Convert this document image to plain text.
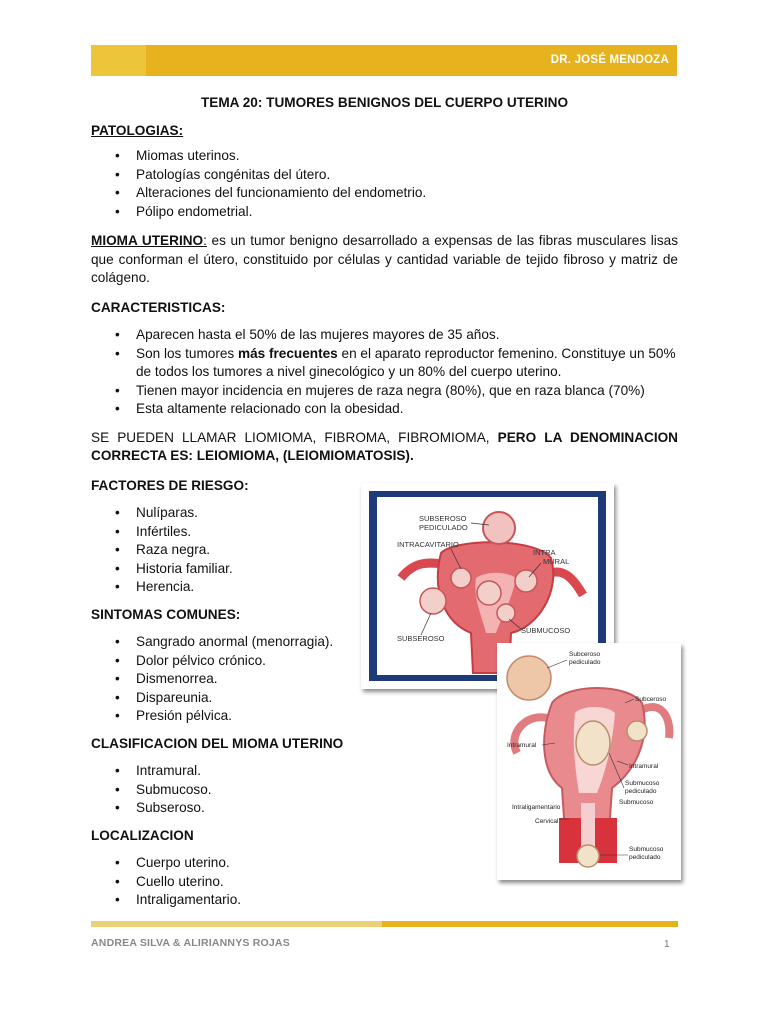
DR. JOSÉ MENDOZA

TEMA 20: TUMORES BENIGNOS DEL CUERPO UTERINO

PATOLOGIAS:

• Miomas uterinos.
• Patologías congénitas del útero.
• Alteraciones del funcionamiento del endometrio.
• Pólipo endometrial.

MIOMA UTERINO: es un tumor benigno desarrollado a expensas de las fibras musculares lisas que conforman el útero, constituido por células y cantidad variable de tejido fibroso y matriz de colágeno.

CARACTERISTICAS:

• Aparecen hasta el 50% de las mujeres mayores de 35 años.
• Son los tumores más frecuentes en el aparato reproductor femenino. Constituye un 50% de todos los tumores a nivel ginecológico y un 80% del cuerpo uterino.
• Tienen mayor incidencia en mujeres de raza negra (80%), que en raza blanca (70%)
• Esta altamente relacionado con la obesidad.

SE PUEDEN LLAMAR LIOMIOMA, FIBROMA, FIBROMIOMA, PERO LA DENOMINACION CORRECTA ES: LEIOMIOMA, (LEIOMIOMATOSIS).

FACTORES DE RIESGO:

• Nulíparas.
• Infértiles.
• Raza negra.
• Historia familiar.
• Herencia.

SINTOMAS COMUNES:

• Sangrado anormal (menorragia).
• Dolor pélvico crónico.
• Dismenorrea.
• Dispareunia.
• Presión pélvica.

CLASIFICACION DEL MIOMA UTERINO

• Intramural.
• Submucoso.
• Subseroso.

LOCALIZACION

• Cuerpo uterino.
• Cuello uterino.
• Intraligamentario.
SUBSEROSO
PEDICULADO
INTRACAVITARIO
INTRA
MURAL
SUBSEROSO
SUBMUCOSO
Subceroso
pediculado
Subceroso
Intramural
Intramural
Submucoso
pediculado
Submucoso
Intraligamentario
Cervical
Submucoso
pediculado
ANDREA SILVA & ALIRIANNYS ROJAS	1
